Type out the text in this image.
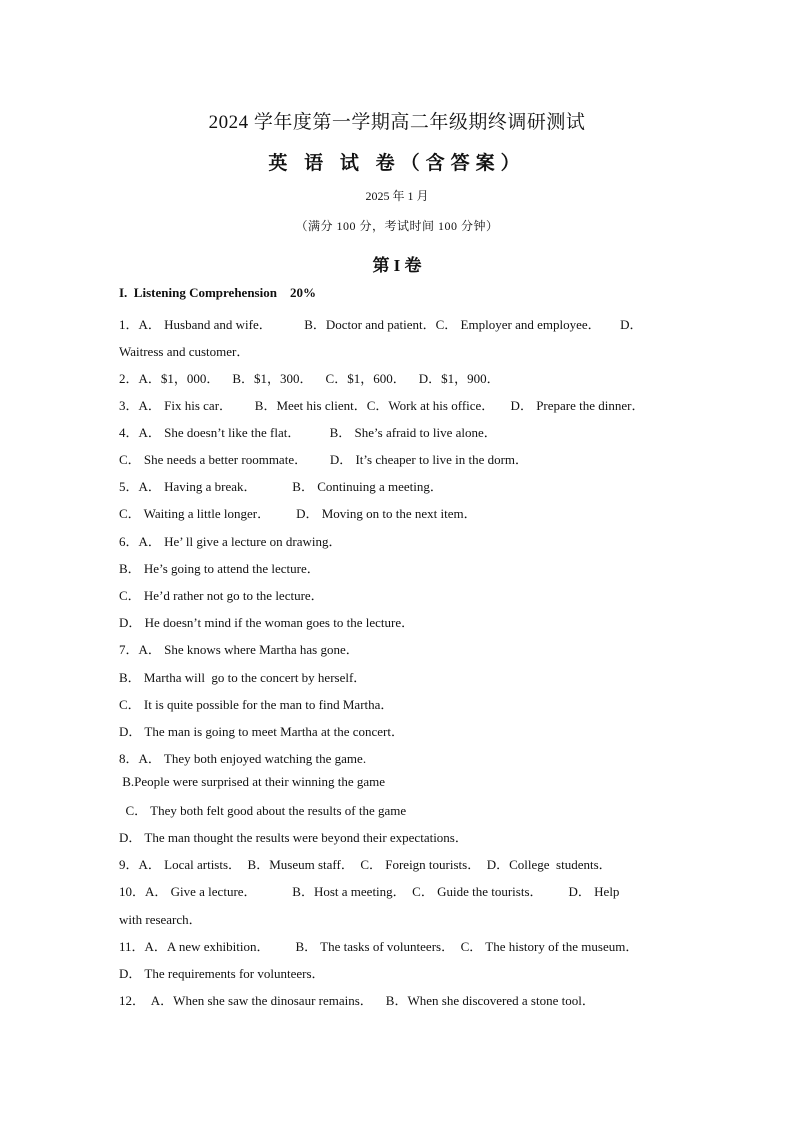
2024 学年度第一学期高二年级期终调研测试
英 语 试 卷（含答案）
2025 年 1 月
（满分 100 分，考试时间 100 分钟）
第 I 卷
I.  Listening Comprehension    20%
1．A． Husband and wife．          B．Doctor and patient．C． Employer and employee．      D．
Waitress and customer．
2．A．$1，000．    B．$1，300．    C．$1，600．    D．$1，900．
3．A． Fix his car．       B．Meet his client．C．Work at his office．     D． Prepare the dinner．
4．A． She doesn’t like the flat．         B． She’s afraid to live alone．
C． She needs a better roommate．       D． It’s cheaper to live in the dorm．
5．A． Having a break．           B． Continuing a meeting．
C． Waiting a little longer．        D． Moving on to the next item．
6．A． He’ ll give a lecture on drawing．
B． He’s going to attend the lecture．
C． He’d rather not go to the lecture．
D． He doesn’t mind if the woman goes to the lecture．
7．A． She knows where Martha has gone．
B． Martha will  go to the concert by herself．
C． It is quite possible for the man to find Martha．
D． The man is going to meet Martha at the concert．
8．A． They both enjoyed watching the game.
B.People were surprised at their winning the game
C． They both felt good about the results of the game
D． The man thought the results were beyond their expectations．
9．A． Local artists．  B．Museum staff．  C． Foreign tourists．  D．College  students．
10．A． Give a lecture．           B．Host a meeting．  C． Guide the tourists．        D． Help
with research．
11．A．A new exhibition．        B． The tasks of volunteers．  C． The history of the museum．
D． The requirements for volunteers．
12．  A．When she saw the dinosaur remains．    B．When she discovered a stone tool．
